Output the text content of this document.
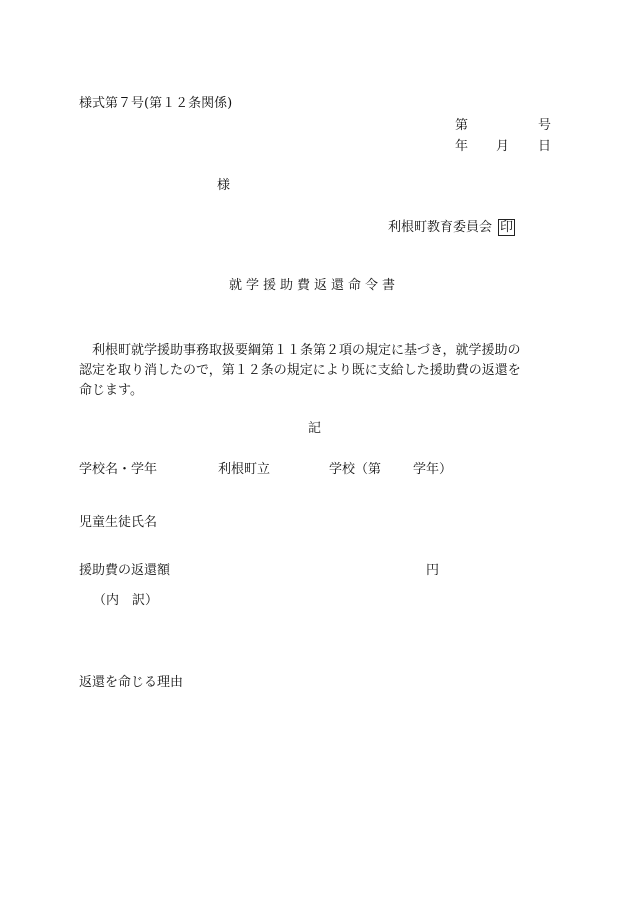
様式第７号(第１２条関係)
第	号
年 月 日
様
利根町教育委員会 印
就学援助費返還命令書
　利根町就学援助事務取扱要綱第１１条第２項の規定に基づき，就学援助の
認定を取り消したので，第１２条の規定により既に支給した援助費の返還を
命じます。
記
学校名・学年	利根町立	学校（第 学年）
児童生徒氏名
援助費の返還額	円
（内　訳）
返還を命じる理由
